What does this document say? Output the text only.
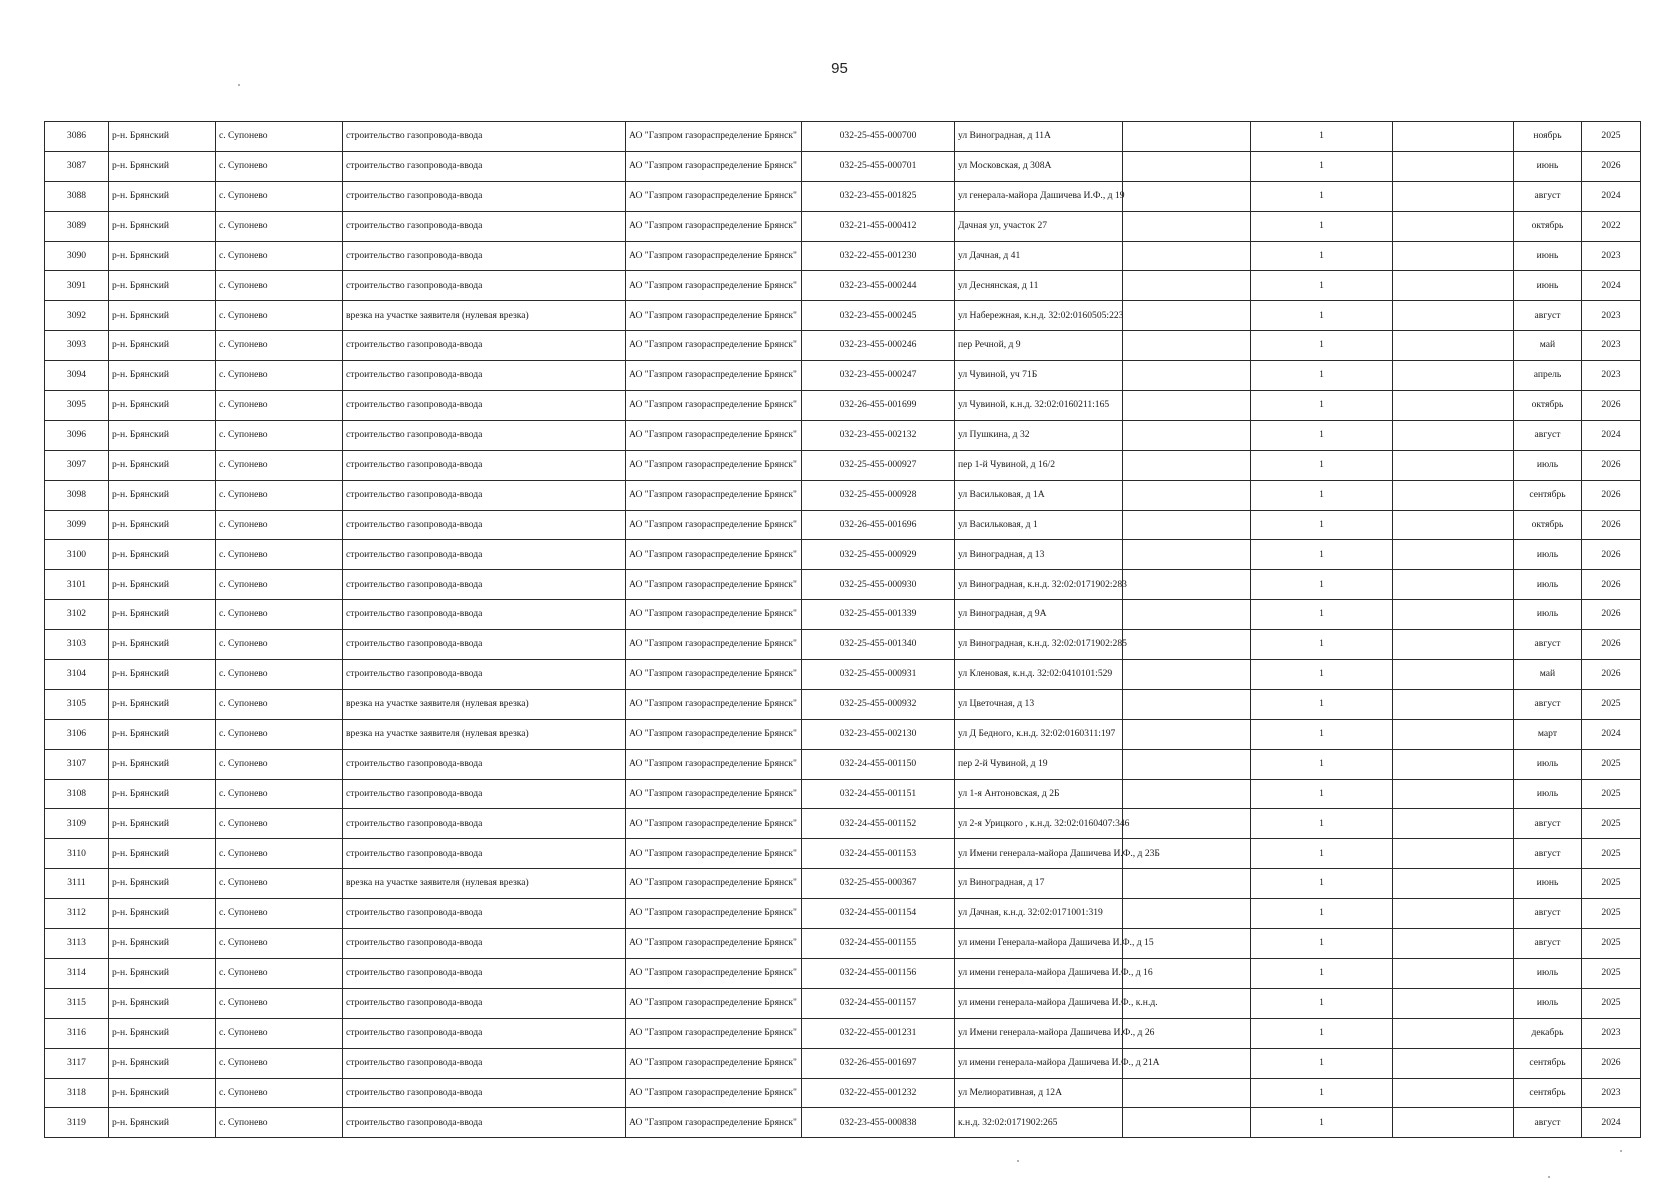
95
3086	р-н. Брянский	с. Супонево	строительство газопровода-ввода	АО "Газпром газораспределение Брянск"	032-25-455-000700	ул Виноградная, д 11А		1		ноябрь	2025
3087	р-н. Брянский	с. Супонево	строительство газопровода-ввода	АО "Газпром газораспределение Брянск"	032-25-455-000701	ул Московская, д 308А		1		июнь	2026
3088	р-н. Брянский	с. Супонево	строительство газопровода-ввода	АО "Газпром газораспределение Брянск"	032-23-455-001825	ул генерала-майора Дашичева И.Ф., д 19		1		август	2024
3089	р-н. Брянский	с. Супонево	строительство газопровода-ввода	АО "Газпром газораспределение Брянск"	032-21-455-000412	Дачная ул, участок 27		1		октябрь	2022
3090	р-н. Брянский	с. Супонево	строительство газопровода-ввода	АО "Газпром газораспределение Брянск"	032-22-455-001230	ул Дачная, д 41		1		июнь	2023
3091	р-н. Брянский	с. Супонево	строительство газопровода-ввода	АО "Газпром газораспределение Брянск"	032-23-455-000244	ул Деснянская, д 11		1		июнь	2024
3092	р-н. Брянский	с. Супонево	врезка на участке заявителя (нулевая врезка)	АО "Газпром газораспределение Брянск"	032-23-455-000245	ул Набережная, к.н.д. 32:02:0160505:223		1		август	2023
3093	р-н. Брянский	с. Супонево	строительство газопровода-ввода	АО "Газпром газораспределение Брянск"	032-23-455-000246	пер Речной, д 9		1		май	2023
3094	р-н. Брянский	с. Супонево	строительство газопровода-ввода	АО "Газпром газораспределение Брянск"	032-23-455-000247	ул Чувиной, уч 71Б		1		апрель	2023
3095	р-н. Брянский	с. Супонево	строительство газопровода-ввода	АО "Газпром газораспределение Брянск"	032-26-455-001699	ул Чувиной, к.н.д. 32:02:0160211:165		1		октябрь	2026
3096	р-н. Брянский	с. Супонево	строительство газопровода-ввода	АО "Газпром газораспределение Брянск"	032-23-455-002132	ул Пушкина, д 32		1		август	2024
3097	р-н. Брянский	с. Супонево	строительство газопровода-ввода	АО "Газпром газораспределение Брянск"	032-25-455-000927	пер 1-й Чувиной, д 16/2		1		июль	2026
3098	р-н. Брянский	с. Супонево	строительство газопровода-ввода	АО "Газпром газораспределение Брянск"	032-25-455-000928	ул Васильковая, д 1А		1		сентябрь	2026
3099	р-н. Брянский	с. Супонево	строительство газопровода-ввода	АО "Газпром газораспределение Брянск"	032-26-455-001696	ул Васильковая, д 1		1		октябрь	2026
3100	р-н. Брянский	с. Супонево	строительство газопровода-ввода	АО "Газпром газораспределение Брянск"	032-25-455-000929	ул Виноградная, д 13		1		июль	2026
3101	р-н. Брянский	с. Супонево	строительство газопровода-ввода	АО "Газпром газораспределение Брянск"	032-25-455-000930	ул Виноградная, к.н.д. 32:02:0171902:283		1		июль	2026
3102	р-н. Брянский	с. Супонево	строительство газопровода-ввода	АО "Газпром газораспределение Брянск"	032-25-455-001339	ул Виноградная, д 9А		1		июль	2026
3103	р-н. Брянский	с. Супонево	строительство газопровода-ввода	АО "Газпром газораспределение Брянск"	032-25-455-001340	ул Виноградная, к.н.д. 32:02:0171902:285		1		август	2026
3104	р-н. Брянский	с. Супонево	строительство газопровода-ввода	АО "Газпром газораспределение Брянск"	032-25-455-000931	ул Кленовая, к.н.д. 32:02:0410101:529		1		май	2026
3105	р-н. Брянский	с. Супонево	врезка на участке заявителя (нулевая врезка)	АО "Газпром газораспределение Брянск"	032-25-455-000932	ул Цветочная, д 13		1		август	2025
3106	р-н. Брянский	с. Супонево	врезка на участке заявителя (нулевая врезка)	АО "Газпром газораспределение Брянск"	032-23-455-002130	ул Д Бедного, к.н.д. 32:02:0160311:197		1		март	2024
3107	р-н. Брянский	с. Супонево	строительство газопровода-ввода	АО "Газпром газораспределение Брянск"	032-24-455-001150	пер 2-й Чувиной, д 19		1		июль	2025
3108	р-н. Брянский	с. Супонево	строительство газопровода-ввода	АО "Газпром газораспределение Брянск"	032-24-455-001151	ул 1-я Антоновская, д 2Б		1		июль	2025
3109	р-н. Брянский	с. Супонево	строительство газопровода-ввода	АО "Газпром газораспределение Брянск"	032-24-455-001152	ул 2-я Урицкого , к.н.д. 32:02:0160407:346		1		август	2025
3110	р-н. Брянский	с. Супонево	строительство газопровода-ввода	АО "Газпром газораспределение Брянск"	032-24-455-001153	ул Имени генерала-майора Дашичева И.Ф., д 23Б		1		август	2025
3111	р-н. Брянский	с. Супонево	врезка на участке заявителя (нулевая врезка)	АО "Газпром газораспределение Брянск"	032-25-455-000367	ул Виноградная, д 17		1		июнь	2025
3112	р-н. Брянский	с. Супонево	строительство газопровода-ввода	АО "Газпром газораспределение Брянск"	032-24-455-001154	ул Дачная, к.н.д. 32:02:0171001:319		1		август	2025
3113	р-н. Брянский	с. Супонево	строительство газопровода-ввода	АО "Газпром газораспределение Брянск"	032-24-455-001155	ул имени Генерала-майора Дашичева И.Ф., д 15		1		август	2025
3114	р-н. Брянский	с. Супонево	строительство газопровода-ввода	АО "Газпром газораспределение Брянск"	032-24-455-001156	ул имени генерала-майора Дашичева И.Ф., д 16		1		июль	2025
3115	р-н. Брянский	с. Супонево	строительство газопровода-ввода	АО "Газпром газораспределение Брянск"	032-24-455-001157	ул имени генерала-майора Дашичева И.Ф., к.н.д.		1		июль	2025
3116	р-н. Брянский	с. Супонево	строительство газопровода-ввода	АО "Газпром газораспределение Брянск"	032-22-455-001231	ул Имени генерала-майора Дашичева И.Ф., д 26		1		декабрь	2023
3117	р-н. Брянский	с. Супонево	строительство газопровода-ввода	АО "Газпром газораспределение Брянск"	032-26-455-001697	ул имени генерала-майора Дашичева И.Ф., д 21А		1		сентябрь	2026
3118	р-н. Брянский	с. Супонево	строительство газопровода-ввода	АО "Газпром газораспределение Брянск"	032-22-455-001232	ул Мелиоративная, д 12А		1		сентябрь	2023
3119	р-н. Брянский	с. Супонево	строительство газопровода-ввода	АО "Газпром газораспределение Брянск"	032-23-455-000838	к.н.д. 32:02:0171902:265		1		август	2024
